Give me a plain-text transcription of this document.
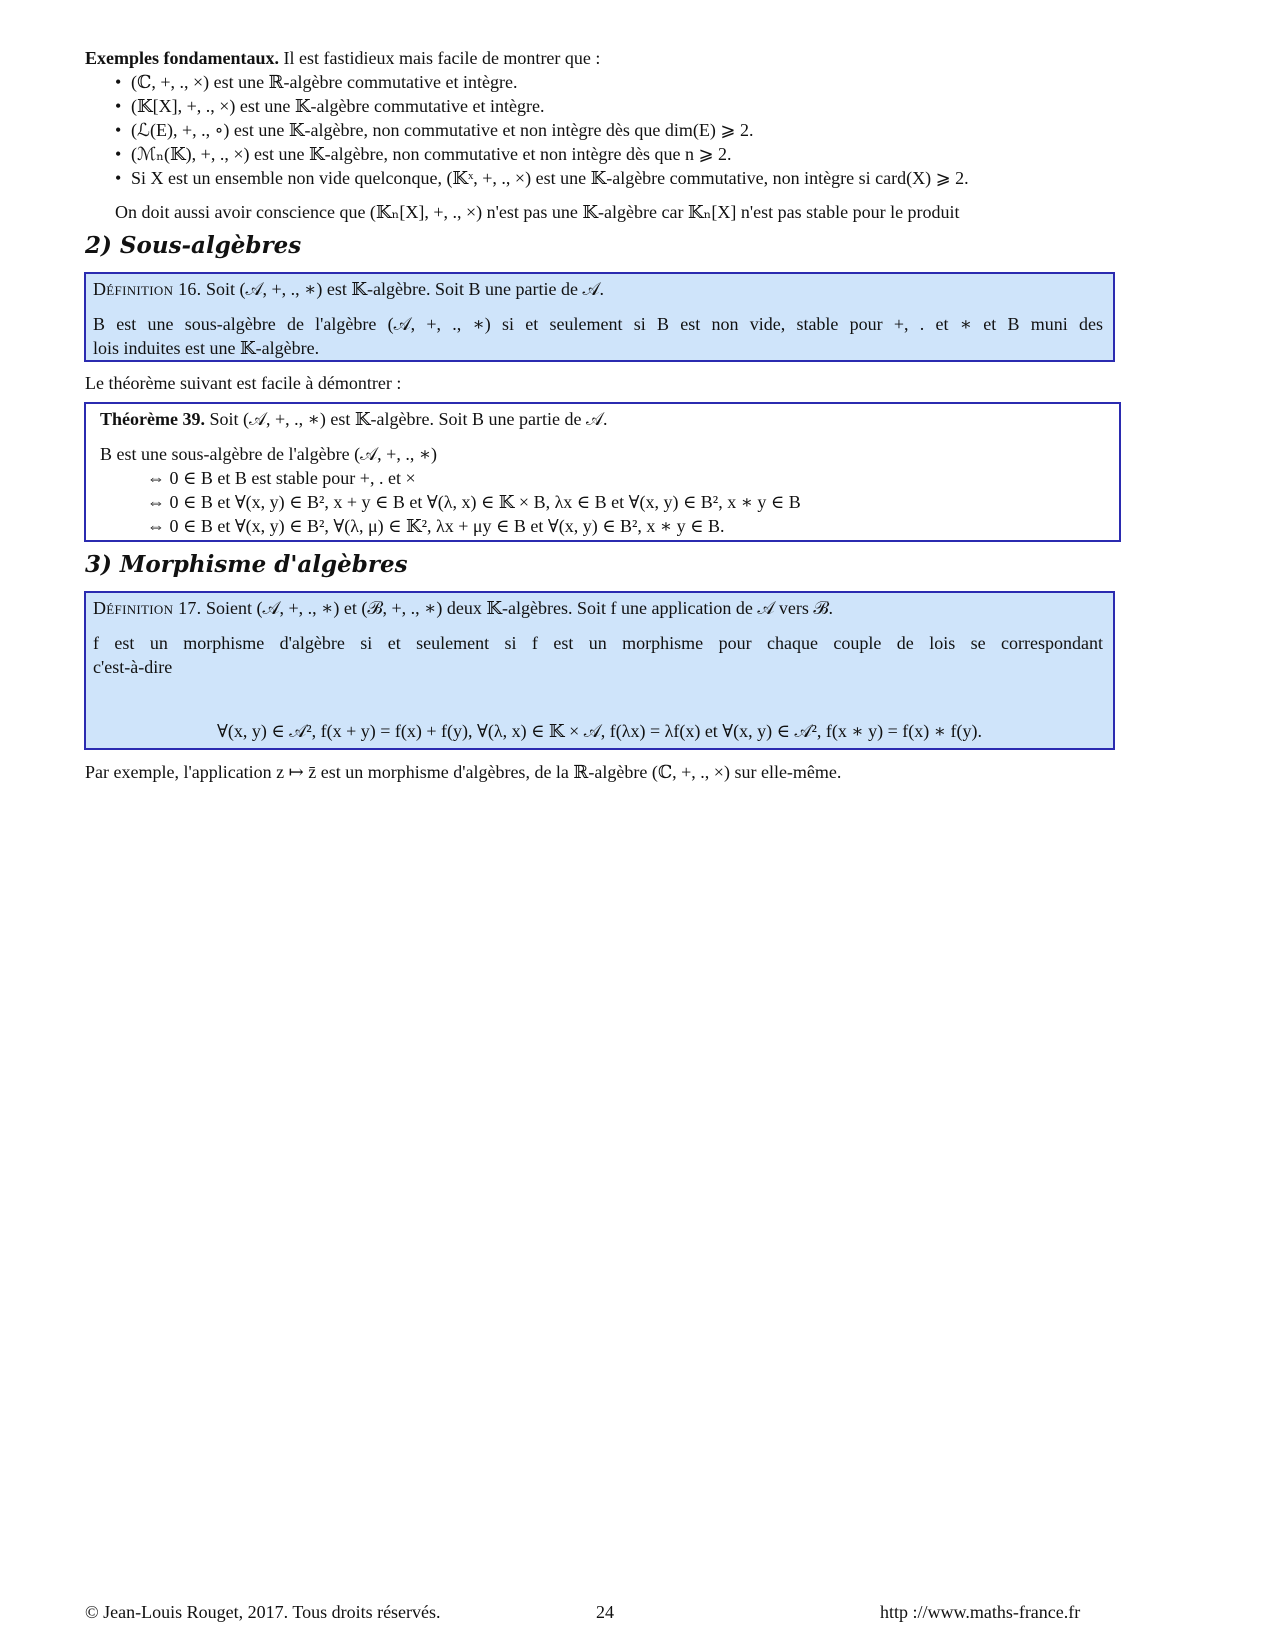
Exemples fondamentaux. Il est fastidieux mais facile de montrer que :
• (ℂ, +, ., ×) est une ℝ-algèbre commutative et intègre.
• (𝕂[X], +, ., ×) est une 𝕂-algèbre commutative et intègre.
• (ℒ(E), +, ., ∘) est une 𝕂-algèbre, non commutative et non intègre dès que dim(E) ⩾ 2.
• (ℳₙ(𝕂), +, ., ×) est une 𝕂-algèbre, non commutative et non intègre dès que n ⩾ 2.
• Si X est un ensemble non vide quelconque, (𝕂ˣ, +, ., ×) est une 𝕂-algèbre commutative, non intègre si card(X) ⩾ 2.
On doit aussi avoir conscience que (𝕂ₙ[X], +, ., ×) n'est pas une 𝕂-algèbre car 𝕂ₙ[X] n'est pas stable pour le produit
2) Sous-algèbres
Définition 16. Soit (𝒜, +, ., ∗) est 𝕂-algèbre. Soit B une partie de 𝒜.
B est une sous-algèbre de l'algèbre (𝒜, +, ., ∗) si et seulement si B est non vide, stable pour +, . et ∗ et B muni des
lois induites est une 𝕂-algèbre.
Le théorème suivant est facile à démontrer :
Théorème 39. Soit (𝒜, +, ., ∗) est 𝕂-algèbre. Soit B une partie de 𝒜.
B est une sous-algèbre de l'algèbre (𝒜, +, ., ∗)
⇔ 0 ∈ B et B est stable pour +, . et ×
⇔ 0 ∈ B et ∀(x, y) ∈ B², x + y ∈ B et ∀(λ, x) ∈ 𝕂 × B, λx ∈ B et ∀(x, y) ∈ B², x ∗ y ∈ B
⇔ 0 ∈ B et ∀(x, y) ∈ B², ∀(λ, μ) ∈ 𝕂², λx + μy ∈ B et ∀(x, y) ∈ B², x ∗ y ∈ B.
3) Morphisme d'algèbres
Définition 17. Soient (𝒜, +, ., ∗) et (ℬ, +, ., ∗) deux 𝕂-algèbres. Soit f une application de 𝒜 vers ℬ.
f est un morphisme d'algèbre si et seulement si f est un morphisme pour chaque couple de lois se correspondant
c'est-à-dire
∀(x, y) ∈ 𝒜², f(x + y) = f(x) + f(y), ∀(λ, x) ∈ 𝕂 × 𝒜, f(λx) = λf(x) et ∀(x, y) ∈ 𝒜², f(x ∗ y) = f(x) ∗ f(y).
Par exemple, l'application z ↦ z̄ est un morphisme d'algèbres, de la ℝ-algèbre (ℂ, +, ., ×) sur elle-même.
© Jean-Louis Rouget, 2017. Tous droits réservés.	24	http ://www.maths-france.fr
